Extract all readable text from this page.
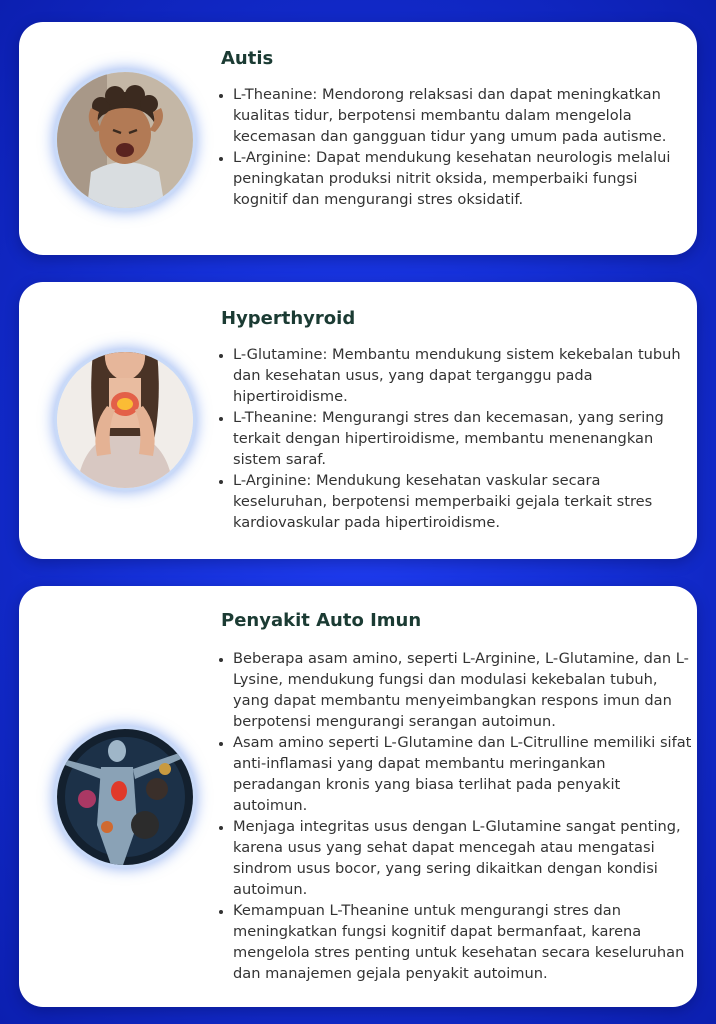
Autis
• L-Theanine: Mendorong relaksasi dan dapat meningkatkan kualitas tidur, berpotensi membantu dalam mengelola kecemasan dan gangguan tidur yang umum pada autisme.
• L-Arginine: Dapat mendukung kesehatan neurologis melalui peningkatan produksi nitrit oksida, memperbaiki fungsi kognitif dan mengurangi stres oksidatif.
Hyperthyroid
• L-Glutamine: Membantu mendukung sistem kekebalan tubuh dan kesehatan usus, yang dapat terganggu pada hipertiroidisme.
• L-Theanine: Mengurangi stres dan kecemasan, yang sering terkait dengan hipertiroidisme, membantu menenangkan sistem saraf.
• L-Arginine: Mendukung kesehatan vaskular secara keseluruhan, berpotensi memperbaiki gejala terkait stres kardiovaskular pada hipertiroidisme.
Penyakit Auto Imun
• Beberapa asam amino, seperti L-Arginine, L-Glutamine, dan L-Lysine, mendukung fungsi dan modulasi kekebalan tubuh, yang dapat membantu menyeimbangkan respons imun dan berpotensi mengurangi serangan autoimun.
• Asam amino seperti L-Glutamine dan L-Citrulline memiliki sifat anti-inflamasi yang dapat membantu meringankan peradangan kronis yang biasa terlihat pada penyakit autoimun.
• Menjaga integritas usus dengan L-Glutamine sangat penting, karena usus yang sehat dapat mencegah atau mengatasi sindrom usus bocor, yang sering dikaitkan dengan kondisi autoimun.
• Kemampuan L-Theanine untuk mengurangi stres dan meningkatkan fungsi kognitif dapat bermanfaat, karena mengelola stres penting untuk kesehatan secara keseluruhan dan manajemen gejala penyakit autoimun.
